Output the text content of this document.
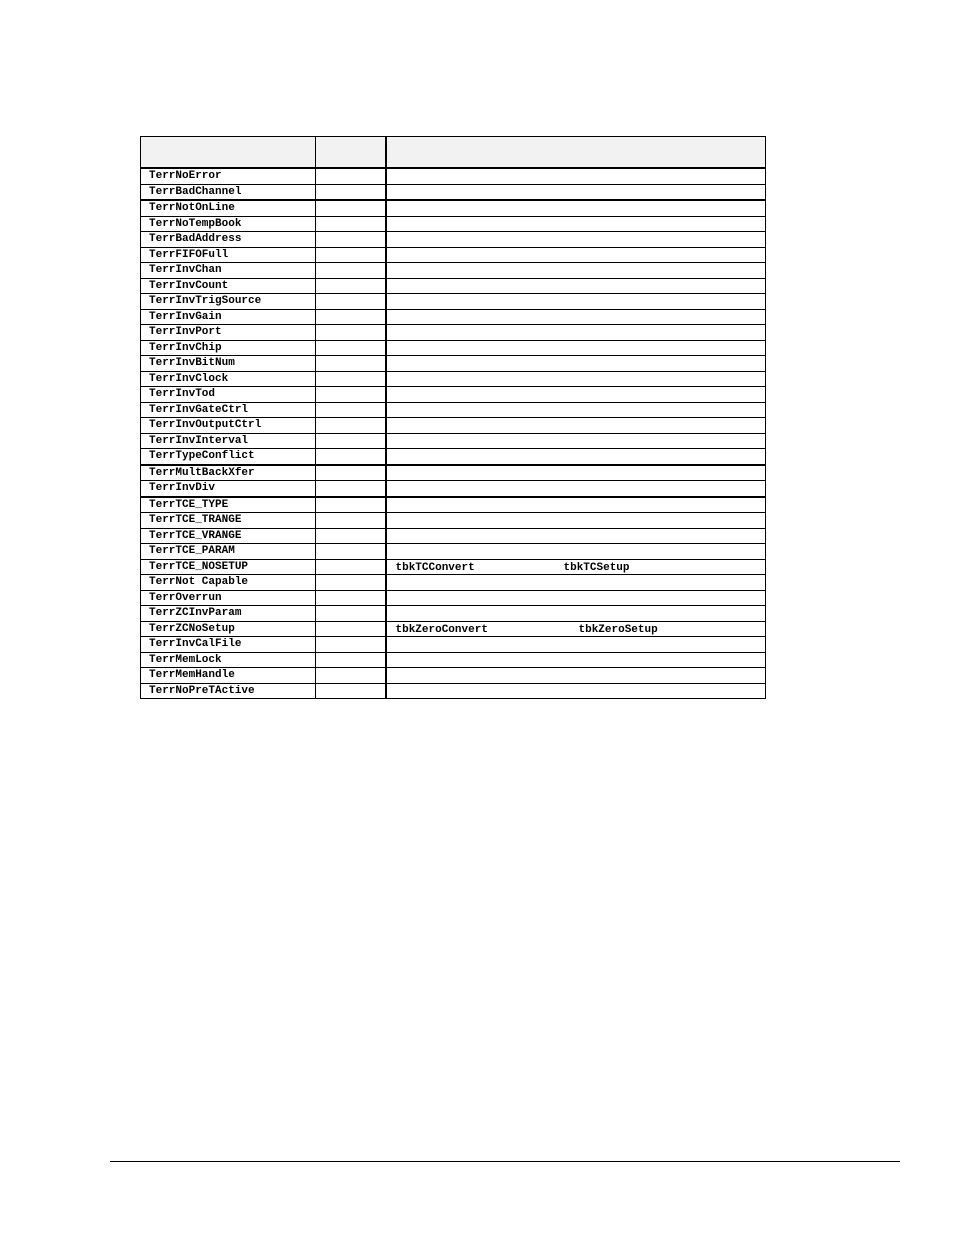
TerrNoError		
TerrBadChannel		
TerrNotOnLine		
TerrNoTempBook		
TerrBadAddress		
TerrFIFOFull		
TerrInvChan		
TerrInvCount		
TerrInvTrigSource		
TerrInvGain		
TerrInvPort		
TerrInvChip		
TerrInvBitNum		
TerrInvClock		
TerrInvTod		
TerrInvGateCtrl		
TerrInvOutputCtrl		
TerrInvInterval		
TerrTypeConflict		
TerrMultBackXfer		
TerrInvDiv		
TerrTCE_TYPE		
TerrTCE_TRANGE		
TerrTCE_VRANGE		
TerrTCE_PARAM		
TerrTCE_NOSETUP		tbkTCConvert tbkTCSetup

TerrNot Capable		
TerrOverrun		
TerrZCInvParam		
TerrZCNoSetup		tbkZeroConvert tbkZeroSetup

TerrInvCalFile		
TerrMemLock		
TerrMemHandle		
TerrNoPreTActive		
